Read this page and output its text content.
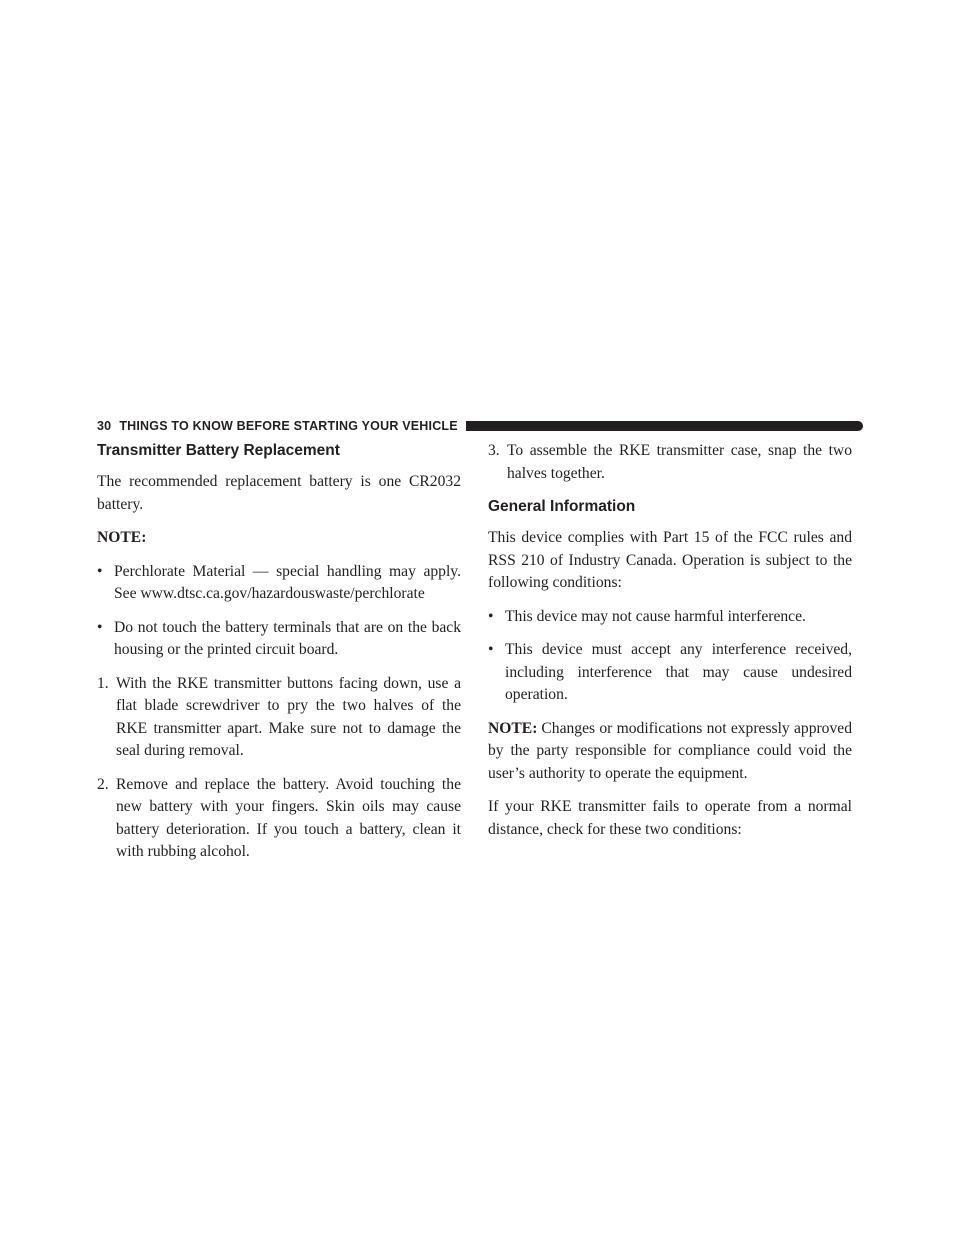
30 THINGS TO KNOW BEFORE STARTING YOUR VEHICLE
Transmitter Battery Replacement

The recommended replacement battery is one CR2032 battery.

NOTE:

• Perchlorate Material — special handling may apply. See www.dtsc.ca.gov/hazardouswaste/perchlorate
• Do not touch the battery terminals that are on the back housing or the printed circuit board.
1. With the RKE transmitter buttons facing down, use a flat blade screwdriver to pry the two halves of the RKE transmitter apart. Make sure not to damage the seal during removal.
2. Remove and replace the battery. Avoid touching the new battery with your fingers. Skin oils may cause battery deterioration. If you touch a battery, clean it with rubbing alcohol.
3. To assemble the RKE transmitter case, snap the two halves together.
General Information

This device complies with Part 15 of the FCC rules and RSS 210 of Industry Canada. Operation is subject to the following conditions:

• This device may not cause harmful interference.
• This device must accept any interference received, including interference that may cause undesired operation.

NOTE: Changes or modifications not expressly approved by the party responsible for compliance could void the user’s authority to operate the equipment.

If your RKE transmitter fails to operate from a normal distance, check for these two conditions:
